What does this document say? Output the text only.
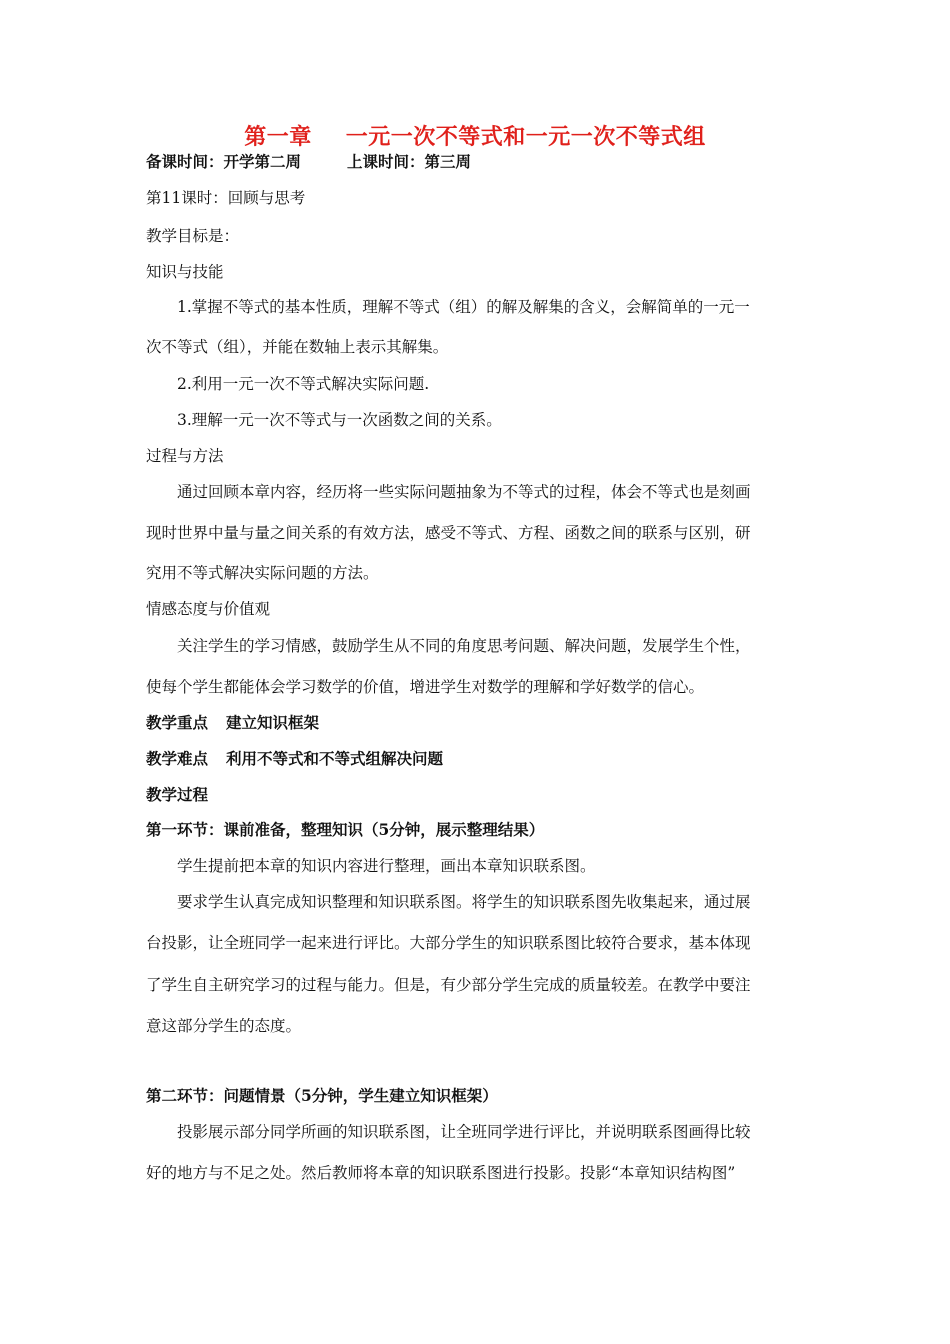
第一章 一元一次不等式和一元一次不等式组
备课时间：开学第二周	上课时间：第三周
第11课时：回顾与思考
教学目标是：
知识与技能
1.掌握不等式的基本性质，理解不等式（组）的解及解集的含义，会解简单的一元一
次不等式（组），并能在数轴上表示其解集。
2.利用一元一次不等式解决实际问题.
3.理解一元一次不等式与一次函数之间的关系。
过程与方法
通过回顾本章内容，经历将一些实际问题抽象为不等式的过程，体会不等式也是刻画
现时世界中量与量之间关系的有效方法，感受不等式、方程、函数之间的联系与区别，研
究用不等式解决实际问题的方法。
情感态度与价值观
关注学生的学习情感，鼓励学生从不同的角度思考问题、解决问题，发展学生个性，
使每个学生都能体会学习数学的价值，增进学生对数学的理解和学好数学的信心。
教学重点 建立知识框架
教学难点 利用不等式和不等式组解决问题
教学过程
第一环节：课前准备，整理知识（5分钟，展示整理结果）
学生提前把本章的知识内容进行整理，画出本章知识联系图。
要求学生认真完成知识整理和知识联系图。将学生的知识联系图先收集起来，通过展
台投影，让全班同学一起来进行评比。大部分学生的知识联系图比较符合要求，基本体现
了学生自主研究学习的过程与能力。但是，有少部分学生完成的质量较差。在教学中要注
意这部分学生的态度。
第二环节：问题情景（5分钟，学生建立知识框架）
投影展示部分同学所画的知识联系图，让全班同学进行评比，并说明联系图画得比较
好的地方与不足之处。然后教师将本章的知识联系图进行投影。投影“本章知识结构图”
